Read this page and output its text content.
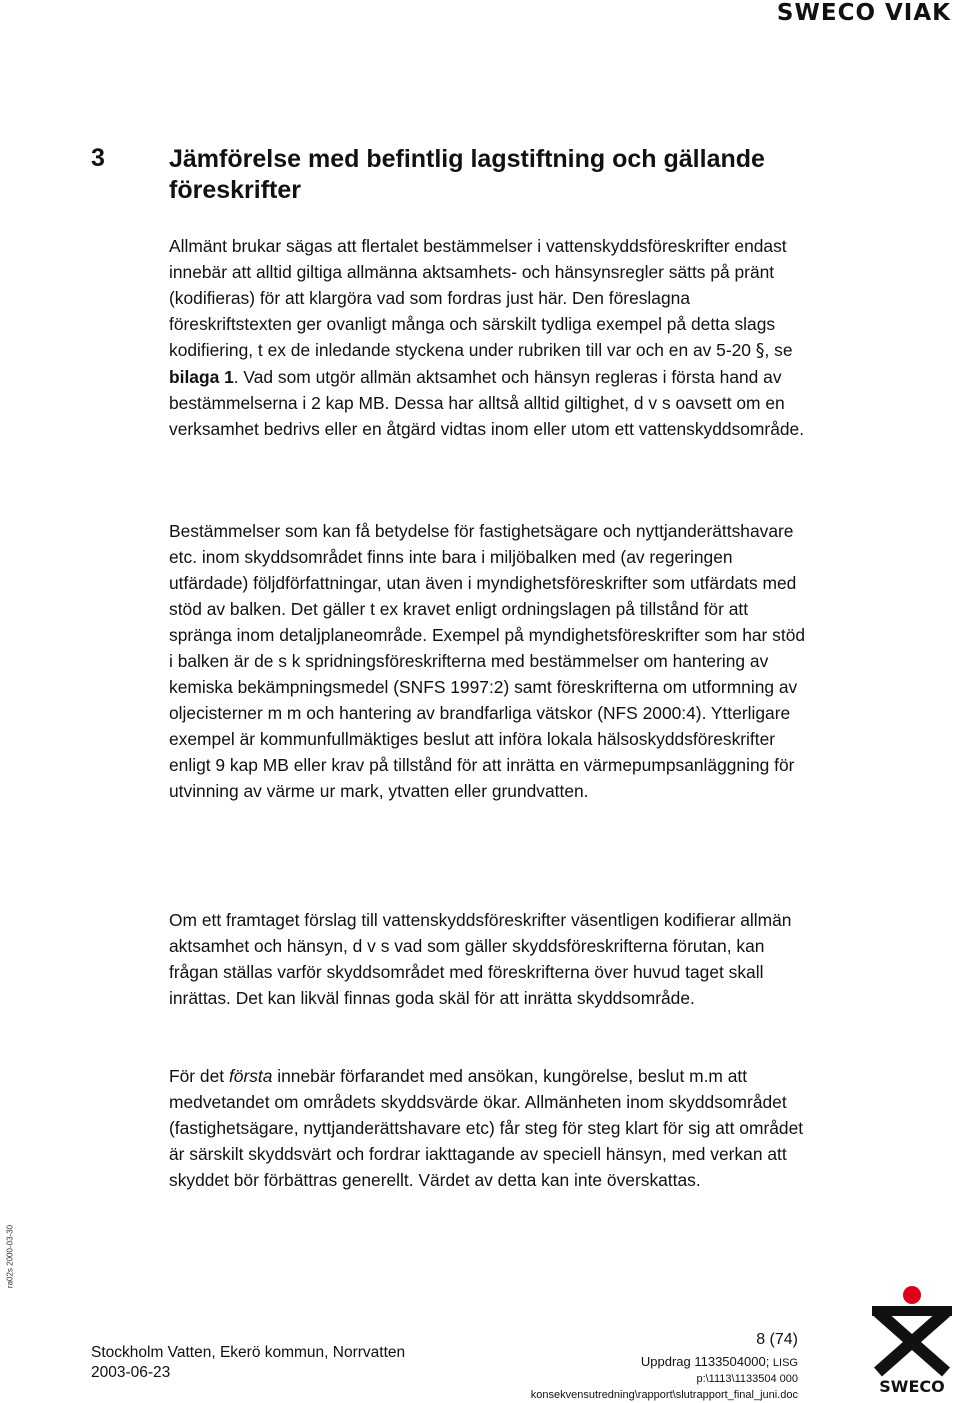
SWECO VIAK
3	Jämförelse med befintlig lagstiftning och gällande föreskrifter

Allmänt brukar sägas att flertalet bestämmelser i vattenskyddsföreskrifter endast innebär att alltid giltiga allmänna aktsamhets- och hänsynsregler sätts på pränt (kodifieras) för att klargöra vad som fordras just här. Den föreslagna föreskriftstexten ger ovanligt många och särskilt tydliga exempel på detta slags kodifiering, t ex de inledande styckena under rubriken till var och en av 5-20 §, se bilaga 1. Vad som utgör allmän aktsamhet och hänsyn regleras i första hand av bestämmelserna i 2 kap MB. Dessa har alltså alltid giltighet, d v s oavsett om en verksamhet bedrivs eller en åtgärd vidtas inom eller utom ett vattenskyddsområde.

Bestämmelser som kan få betydelse för fastighetsägare och nyttjanderättshavare etc. inom skyddsområdet finns inte bara i miljöbalken med (av regeringen utfärdade) följdförfattningar, utan även i myndighetsföreskrifter som utfärdats med stöd av balken. Det gäller t ex kravet enligt ordningslagen på tillstånd för att spränga inom detaljplaneområde. Exempel på myndighetsföreskrifter som har stöd i balken är de s k spridningsföreskrifterna med bestämmelser om hantering av kemiska bekämpningsmedel (SNFS 1997:2) samt föreskrifterna om utformning av oljecisterner m m och hantering av brandfarliga vätskor (NFS 2000:4). Ytterligare exempel är kommunfullmäktiges beslut att införa lokala hälsoskyddsföreskrifter enligt 9 kap MB eller krav på tillstånd för att inrätta en värmepumpsanläggning för utvinning av värme ur mark, ytvatten eller grundvatten.

Om ett framtaget förslag till vattenskyddsföreskrifter väsentligen kodifierar allmän aktsamhet och hänsyn, d v s vad som gäller skyddsföreskrifterna förutan, kan frågan ställas varför skyddsområdet med föreskrifterna över huvud taget skall inrättas. Det kan likväl finnas goda skäl för att inrätta skyddsområde.

För det första innebär förfarandet med ansökan, kungörelse, beslut m.m att medvetandet om områdets skyddsvärde ökar. Allmänheten inom skyddsområdet (fastighetsägare, nyttjanderättshavare etc) får steg för steg klart för sig att området är särskilt skyddsvärt och fordrar iakttagande av speciell hänsyn, med verkan att skyddet bör förbättras generellt. Värdet av detta kan inte överskattas.

ra02s 2000-03-30
Stockholm Vatten, Ekerö kommun, Norrvatten
2003-06-23
8 (74)
Uppdrag 1133504000; LISG
p:\1113\1133504 000
konsekvensutredning\rapport\slutrapport_final_juni.doc	SWECO
